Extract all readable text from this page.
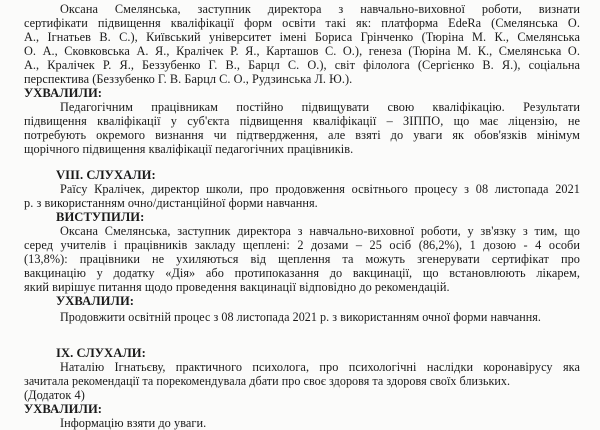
Оксана Смелянська, заступник директора з навчально-виховної роботи, визнати
сертифікати підвищення кваліфікації форм освіти такі як: платформа EdeRa (Смелянська О.
А., Ігнатьев В. С.), Київський університет імені Бориса Грінченко (Тюріна М. К., Смелянська
О. А., Сковковська А. Я., Кралічек Р. Я., Карташов С. О.), генеза (Тюріна М. К., Смелянська О.
А., Кралічек Р. Я., Беззубенко Г. В., Барцл С. О.), світ філолога (Сергієнко В. Я.), соціальна
перспектива (Беззубенко Г. В. Барцл С. О., Рудзинська Л. Ю.).
УХВАЛИЛИ:
Педагогічним працівникам постійно підвищувати свою кваліфікацію. Результати
підвищення кваліфікації у суб'єкта підвищення кваліфікації – ЗІППО, що має ліцензію, не
потребують окремого визнання чи підтвердження, але взяті до уваги як обов'язків мінімум
щорічного підвищення кваліфікації педагогічних працівників.
VIII. СЛУХАЛИ:
Раїсу Кралічек, директор школи, про продовження освітнього процесу з 08 листопада 2021
р. з використанням очно/дистанційної форми навчання.
ВИСТУПИЛИ:
Оксана Смелянська, заступник директора з навчально-виховної роботи, у зв'язку з тим, що
серед учителів і працівників закладу щеплені: 2 дозами – 25 осіб (86,2%), 1 дозою - 4 особи
(13,8%): працівники не ухиляються від щеплення та можуть згенерувати сертифікат про
вакцинацію у додатку «Дія» або протипоказання до вакцинації, що встановлюють лікарем,
який вирішує питання щодо проведення вакцинації відповідно до рекомендацій.
УХВАЛИЛИ:
Продовжити освітній процес з 08 листопада 2021 р. з використанням очної форми навчання.
IX. СЛУХАЛИ:
Наталію Ігнатьєву, практичного психолога, про психологічні наслідки коронавірусу яка
зачитала рекомендації та порекомендувала дбати про своє здоровя та здоровя своїх близьких.
(Додаток 4)
УХВАЛИЛИ:
Інформацію взяти до уваги.
